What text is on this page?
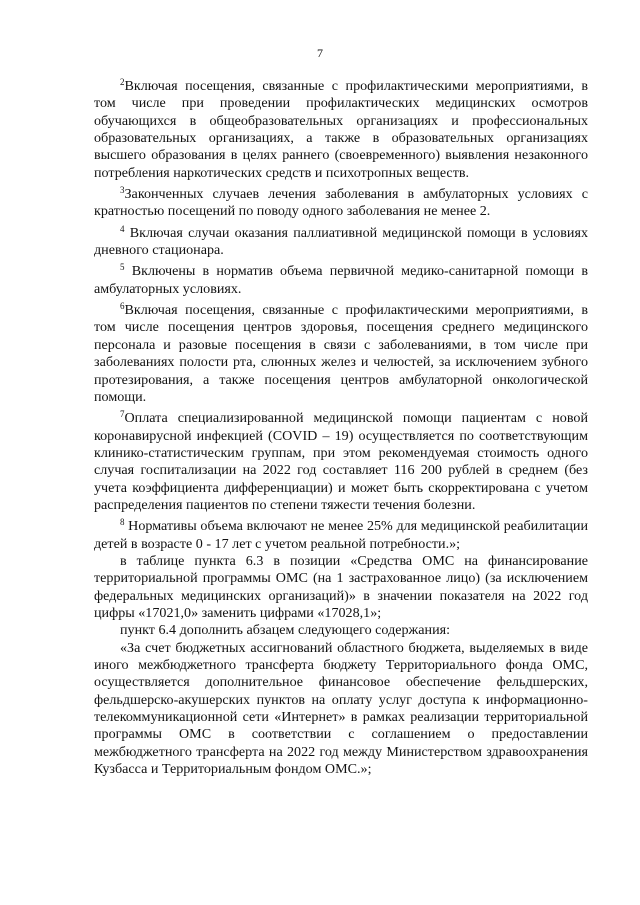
7

$^2$Включая посещения, связанные с профилактическими мероприятиями, в том числе при проведении профилактических медицинских осмотров обучающихся в общеобразовательных организациях и профессиональных образовательных организациях, а также в образовательных организациях высшего образования в целях раннего (своевременного) выявления незаконного потребления наркотических средств и психотропных веществ.

$^3$Законченных случаев лечения заболевания в амбулаторных условиях с кратностью посещений по поводу одного заболевания не менее 2.

$^4$ Включая случаи оказания паллиативной медицинской помощи в условиях дневного стационара.

$^5$ Включены в норматив объема первичной медико-санитарной помощи в амбулаторных условиях.

$^6$Включая посещения, связанные с профилактическими мероприятиями, в том числе посещения центров здоровья, посещения среднего медицинского персонала и разовые посещения в связи с заболеваниями, в том числе при заболеваниях полости рта, слюнных желез и челюстей, за исключением зубного протезирования, а также посещения центров амбулаторной онкологической помощи.

$^7$Оплата специализированной медицинской помощи пациентам с новой коронавирусной инфекцией (COVID – 19) осуществляется по соответствующим клинико-статистическим группам, при этом рекомендуемая стоимость одного случая госпитализации на 2022 год составляет 116 200 рублей в среднем (без учета коэффициента дифференциации) и может быть скорректирована с учетом распределения пациентов по степени тяжести течения болезни.

$^8$ Нормативы объема включают не менее 25% для медицинской реабилитации детей в возрасте 0 - 17 лет с учетом реальной потребности.»;

в таблице пункта 6.3 в позиции «Средства ОМС на финансирование территориальной программы ОМС (на 1 застрахованное лицо) (за исключением федеральных медицинских организаций)» в значении показателя на 2022 год цифры «17021,0» заменить цифрами «17028,1»;

пункт 6.4 дополнить абзацем следующего содержания:

«За счет бюджетных ассигнований областного бюджета, выделяемых в виде иного межбюджетного трансферта бюджету Территориального фонда ОМС, осуществляется дополнительное финансовое обеспечение фельдшерских, фельдшерско-акушерских пунктов на оплату услуг доступа к информационно-телекоммуникационной сети «Интернет» в рамках реализации территориальной программы ОМС в соответствии с соглашением о предоставлении межбюджетного трансферта на 2022 год между Министерством здравоохранения Кузбасса и Территориальным фондом ОМС.»;
